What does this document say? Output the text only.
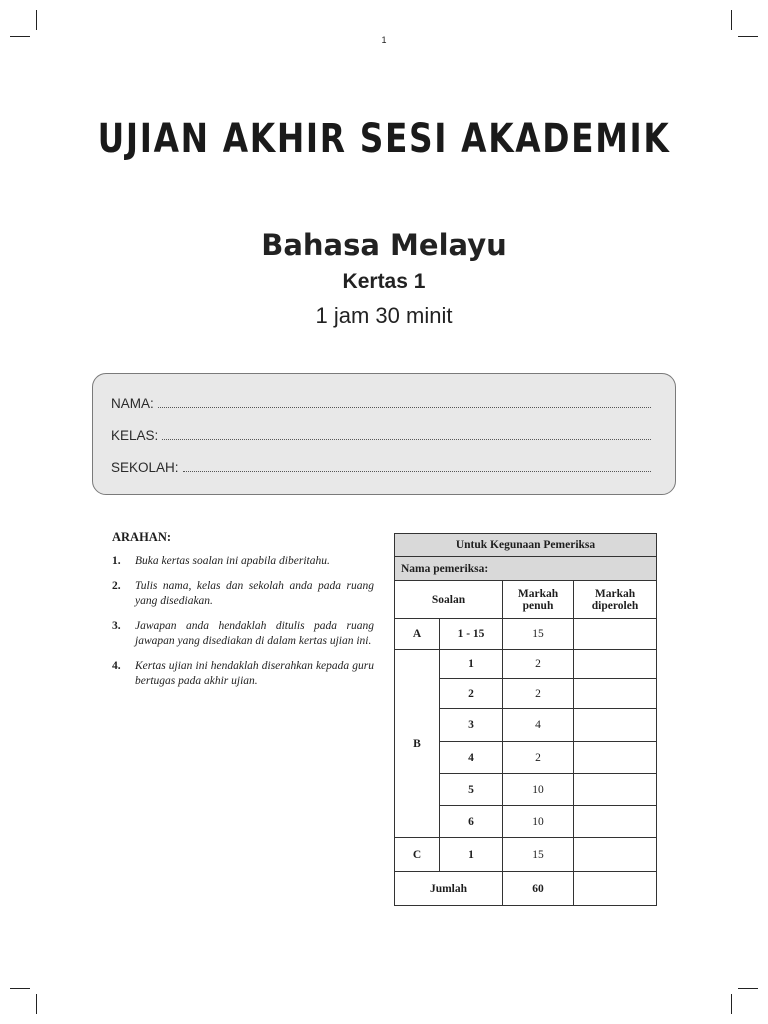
1
UJIAN AKHIR SESI AKADEMIK
Bahasa Melayu
Kertas 1
1 jam 30 minit
NAMA:
KELAS:
SEKOLAH:
ARAHAN:
1.	Buka kertas soalan ini apabila diberitahu.
2.	Tulis nama, kelas dan sekolah anda pada ruang yang disediakan.
3.	Jawapan anda hendaklah ditulis pada ruang jawapan yang disediakan di dalam kertas ujian ini.
4.	Kertas ujian ini hendaklah diserahkan kepada guru bertugas pada akhir ujian.
Untuk Kegunaan Pemeriksa			
Nama pemeriksa:			
Soalan		Markah penuh	Markah diperoleh
A	1 - 15	15	
B	1	2	
	2	2	
	3	4	
	4	2	
	5	10	
	6	10	
C	1	15	
Jumlah		60	
